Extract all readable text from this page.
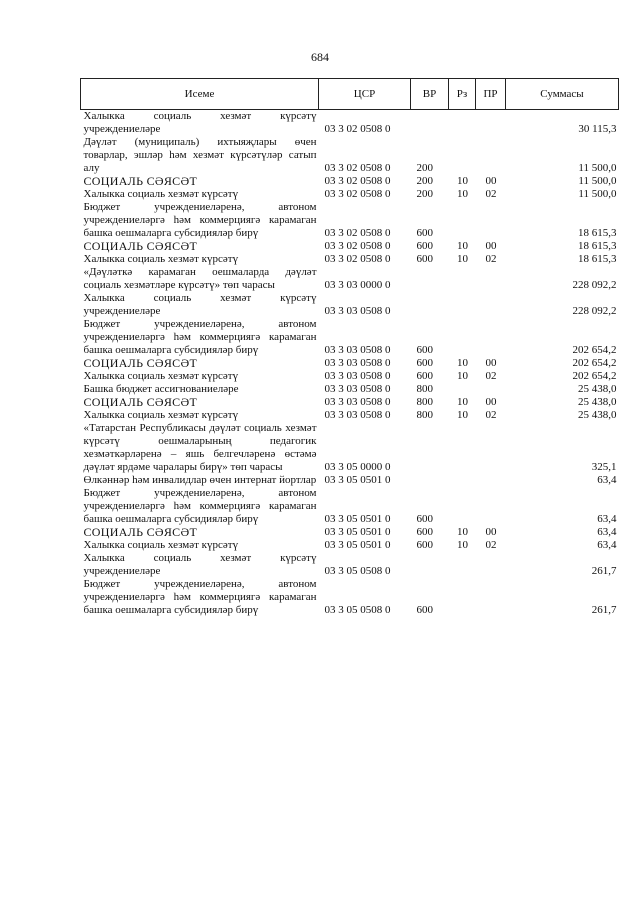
684
Исеме	ЦСР	ВР	Рз	ПР	Суммасы
Халыкка социаль хезмәт күрсәтү учреждениеләре	03 3 02 0508 0				30 115,3
Дәүләт (муниципаль) ихтыяҗлары өчен товарлар, эшләр һәм хезмәт күрсәтүләр сатып алу	03 3 02 0508 0	200			11 500,0
СОЦИАЛЬ СӘЯСӘТ	03 3 02 0508 0	200	10	00	11 500,0
Халыкка социаль хезмәт күрсәтү	03 3 02 0508 0	200	10	02	11 500,0
Бюджет учреждениеләренә, автоном учреждениеләргә һәм коммерциягә карамаган башка оешмаларга субсидияләр бирү	03 3 02 0508 0	600			18 615,3
СОЦИАЛЬ СӘЯСӘТ	03 3 02 0508 0	600	10	00	18 615,3
Халыкка социаль хезмәт күрсәтү	03 3 02 0508 0	600	10	02	18 615,3
«Дәүләткә карамаган оешмаларда дәүләт социаль хезмәтләре күрсәтү» төп чарасы	03 3 03 0000 0				228 092,2
Халыкка социаль хезмәт күрсәтү учреждениеләре	03 3 03 0508 0				228 092,2
Бюджет учреждениеләренә, автоном учреждениеләргә һәм коммерциягә карамаган башка оешмаларга субсидияләр бирү	03 3 03 0508 0	600			202 654,2
СОЦИАЛЬ СӘЯСӘТ	03 3 03 0508 0	600	10	00	202 654,2
Халыкка социаль хезмәт күрсәтү	03 3 03 0508 0	600	10	02	202 654,2
Башка бюджет ассигнованиеләре	03 3 03 0508 0	800			25 438,0
СОЦИАЛЬ СӘЯСӘТ	03 3 03 0508 0	800	10	00	25 438,0
Халыкка социаль хезмәт күрсәтү	03 3 03 0508 0	800	10	02	25 438,0
«Татарстан Республикасы дәүләт социаль хезмәт күрсәтү оешмаларының педагогик хезмәткәрләренә – яшь белгечләренә өстәмә дәүләт ярдәме чаралары бирү» төп чарасы	03 3 05 0000 0				325,1
Өлкәннәр һәм инвалидлар өчен интернат йортлар	03 3 05 0501 0				63,4
Бюджет учреждениеләренә, автоном учреждениеләргә һәм коммерциягә карамаган башка оешмаларга субсидияләр бирү	03 3 05 0501 0	600			63,4
СОЦИАЛЬ СӘЯСӘТ	03 3 05 0501 0	600	10	00	63,4
Халыкка социаль хезмәт күрсәтү	03 3 05 0501 0	600	10	02	63,4
Халыкка социаль хезмәт күрсәтү учреждениеләре	03 3 05 0508 0				261,7
Бюджет учреждениеләренә, автоном учреждениеләргә һәм коммерциягә карамаган башка оешмаларга субсидияләр бирү	03 3 05 0508 0	600			261,7
